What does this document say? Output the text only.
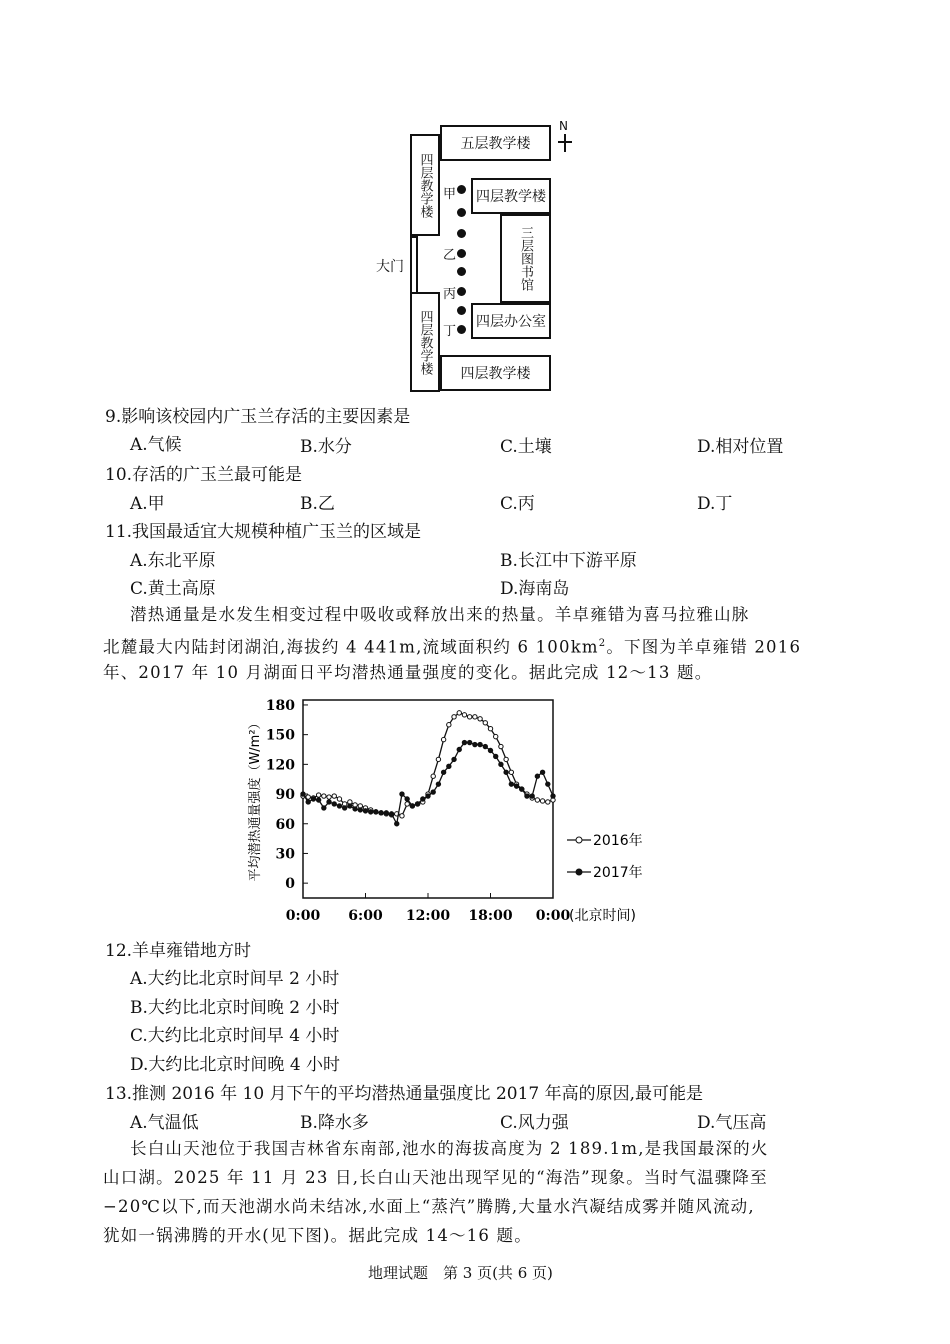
五层教学楼
N
四层教学楼
大门
四层教学楼
四层教学楼
三层图书馆
四层办公室
四层教学楼
甲
乙
丙
丁
9.影响该校园内广玉兰存活的主要因素是
A.气候	B.水分	C.土壤	D.相对位置
10.存活的广玉兰最可能是
A.甲	B.乙	C.丙	D.丁
11.我国最适宜大规模种植广玉兰的区域是
A.东北平原	B.长江中下游平原
C.黄土高原	D.海南岛
潜热通量是水发生相变过程中吸收或释放出来的热量。羊卓雍错为喜马拉雅山脉
北麓最大内陆封闭湖泊,海拔约 4 441m,流域面积约 6 $100km^2$。下图为羊卓雍错 2016
年、2017 年 10 月湖面日平均潜热通量强度的变化。据此完成 12～13 题。
180
150
120
90
60
30
0
0:00 6:00 12:00 18:00 0:00
(北京时间)
平均潜热通量强度（W/m²）	2016年
2017年
12.羊卓雍错地方时
A.大约比北京时间早 2 小时
B.大约比北京时间晚 2 小时
C.大约比北京时间早 4 小时
D.大约比北京时间晚 4 小时
13.推测 2016 年 10 月下午的平均潜热通量强度比 2017 年高的原因,最可能是
A.气温低	B.降水多	C.风力强	D.气压高
长白山天池位于我国吉林省东南部,池水的海拔高度为 2 189.1m,是我国最深的火
山口湖。2025 年 11 月 23 日,长白山天池出现罕见的“海浩”现象。当时气温骤降至
−20℃以下,而天池湖水尚未结冰,水面上“蒸汽”腾腾,大量水汽凝结成雾并随风流动,
犹如一锅沸腾的开水(见下图)。据此完成 14～16 题。
地理试题　第 3 页(共 6 页)
